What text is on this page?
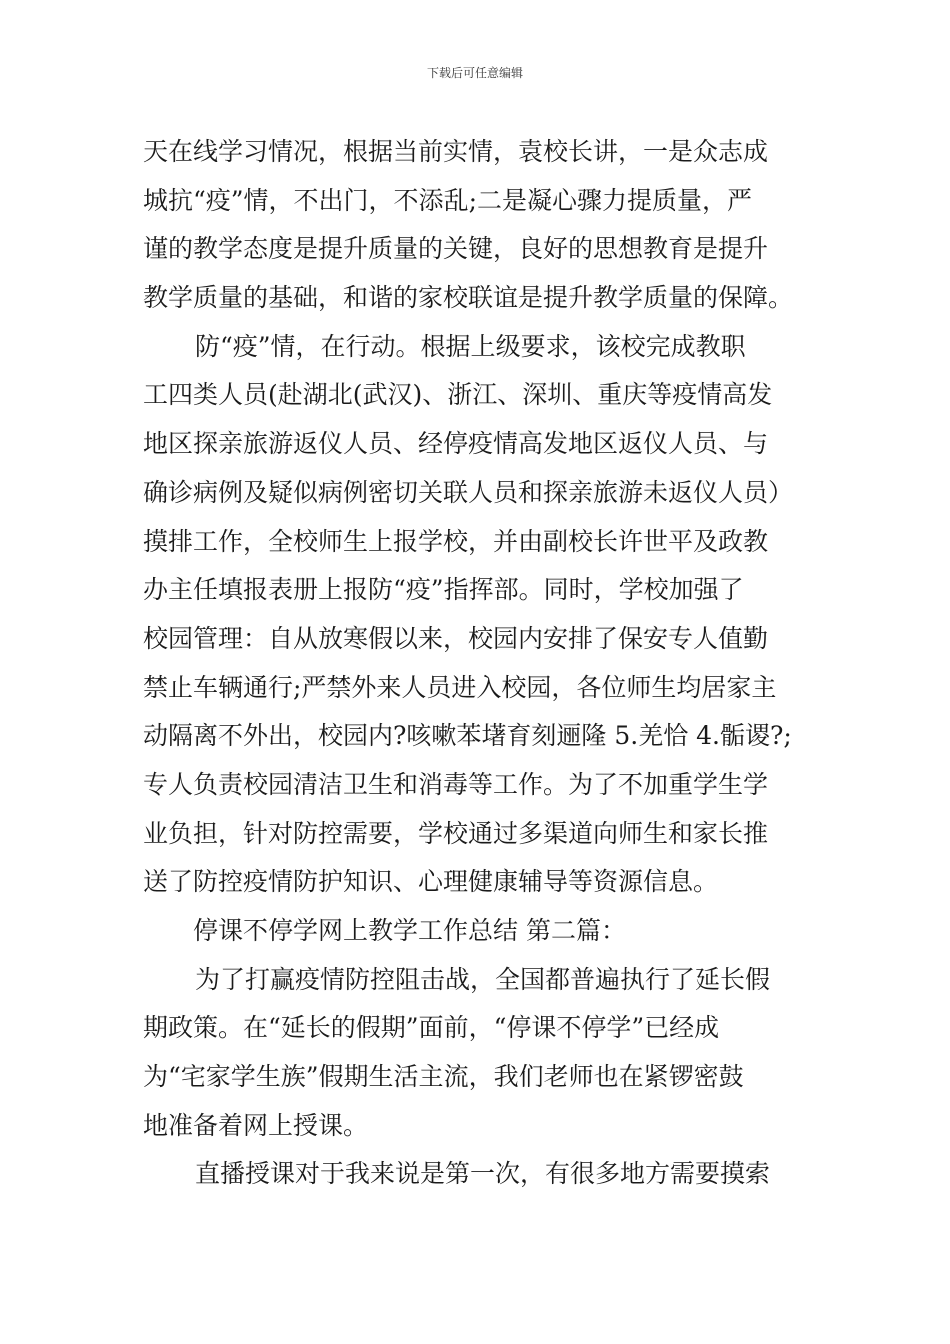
下载后可任意编辑
天在线学习情况，根据当前实情，袁校长讲，一是众志成
城抗“疫”情，不出门，不添乱;二是凝心骤力提质量，严
谨的教学态度是提升质量的关键，良好的思想教育是提升
教学质量的基础，和谐的家校联谊是提升教学质量的保障。
防“疫”情，在行动。根据上级要求，该校完成教职
工四类人员(赴湖北(武汉)、浙江、深圳、重庆等疫情高发
地区探亲旅游返仪人员、经停疫情高发地区返仪人员、与
确诊病例及疑似病例密切关联人员和探亲旅游未返仪人员）
摸排工作，全校师生上报学校，并由副校长许世平及政教
办主任填报表册上报防“疫”指挥部。同时，学校加强了
校园管理：自从放寒假以来，校园内安排了保安专人值勤
禁止车辆通行;严禁外来人员进入校园，各位师生均居家主
动隔离不外出，校园内?咳嗽苯墸育刻逦隆 5.羌恰 4.骺谡?;
专人负责校园清洁卫生和消毒等工作。为了不加重学生学
业负担，针对防控需要，学校通过多渠道向师生和家长推
送了防控疫情防护知识、心理健康辅导等资源信息。
停课不停学网上教学工作总结 第二篇：
为了打赢疫情防控阻击战，全国都普遍执行了延长假
期政策。在“延长的假期”面前，“停课不停学”已经成
为“宅家学生族”假期生活主流，我们老师也在紧锣密鼓
地准备着网上授课。
直播授课对于我来说是第一次，有很多地方需要摸索
